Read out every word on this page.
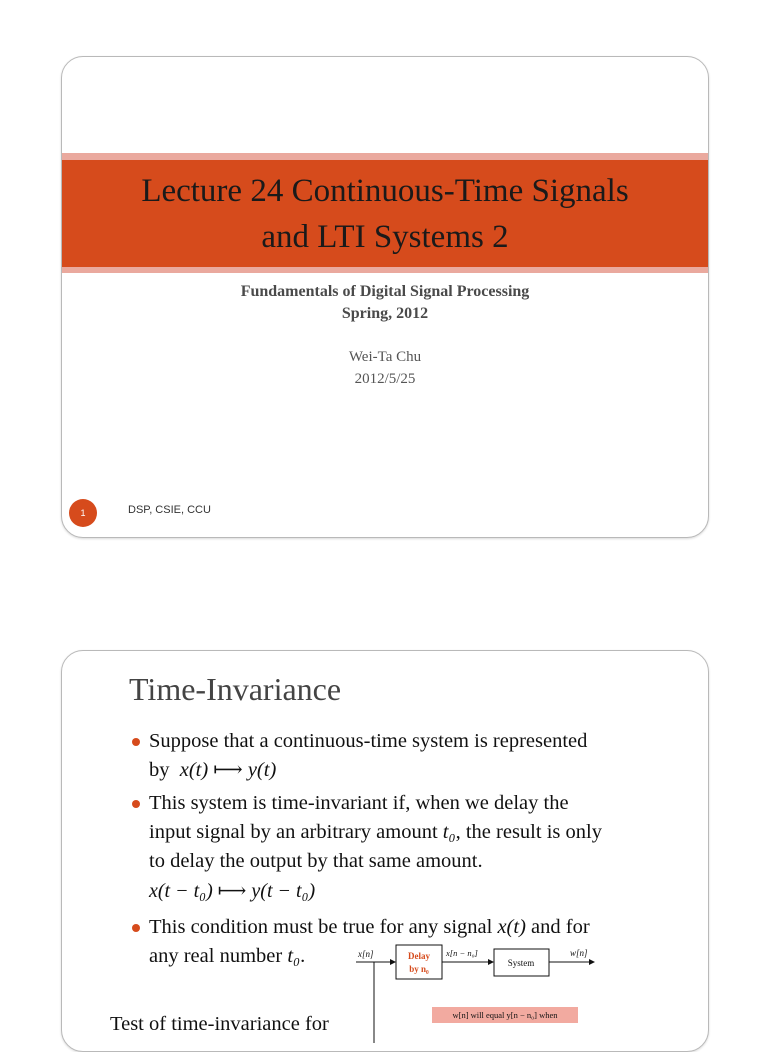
Lecture 24 Continuous-Time Signals
and LTI Systems 2
Fundamentals of Digital Signal Processing
Spring, 2012
Wei-Ta Chu
2012/5/25
1	DSP, CSIE, CCU
Time-Invariance
Suppose that a continuous-time system is represented
by x(t) ⟼ y(t)
This system is time-invariant if, when we delay the
input signal by an arbitrary amount t₀, the result is only
to delay the output by that same amount.
x(t − t₀) ⟼ y(t − t₀)
This condition must be true for any signal x(t) and for
any real number t₀.
Test of time-invariance for
x[n]	Delay
by n₀
x[n − n₀]
System
w[n]
w[n] will equal y[n − n₀] when
